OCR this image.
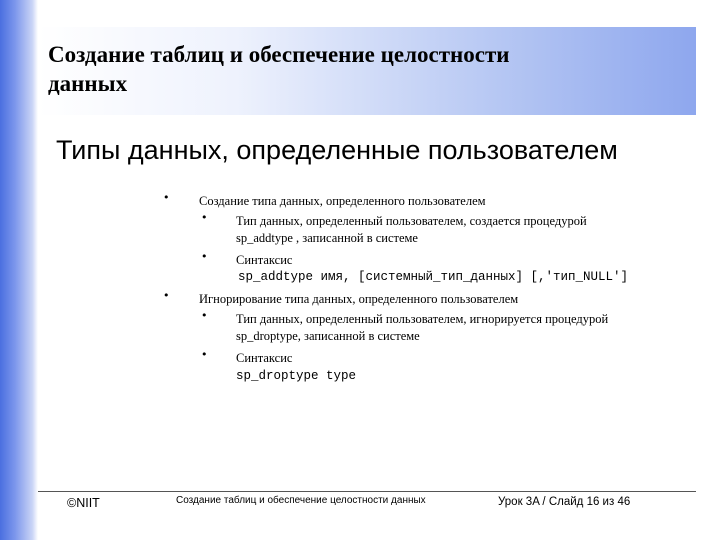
Создание таблиц и обеспечение целостности
данных
Типы данных, определенные пользователем
• Создание типа данных, определенного пользователем
• Тип данных, определенный пользователем, создается процедурой
sp_addtype , записанной в системе
• Синтаксис
sp_addtype имя, [системный_тип_данных] [,'тип_NULL']
• Игнорирование типа данных, определенного пользователем
• Тип данных, определенный пользователем, игнорируется процедурой
sp_droptype, записанной в системе
• Синтаксис
sp_droptype type
©NIIT	Создание таблиц и обеспечение целостности данных	Урок 3A / Слайд 16 из 46
